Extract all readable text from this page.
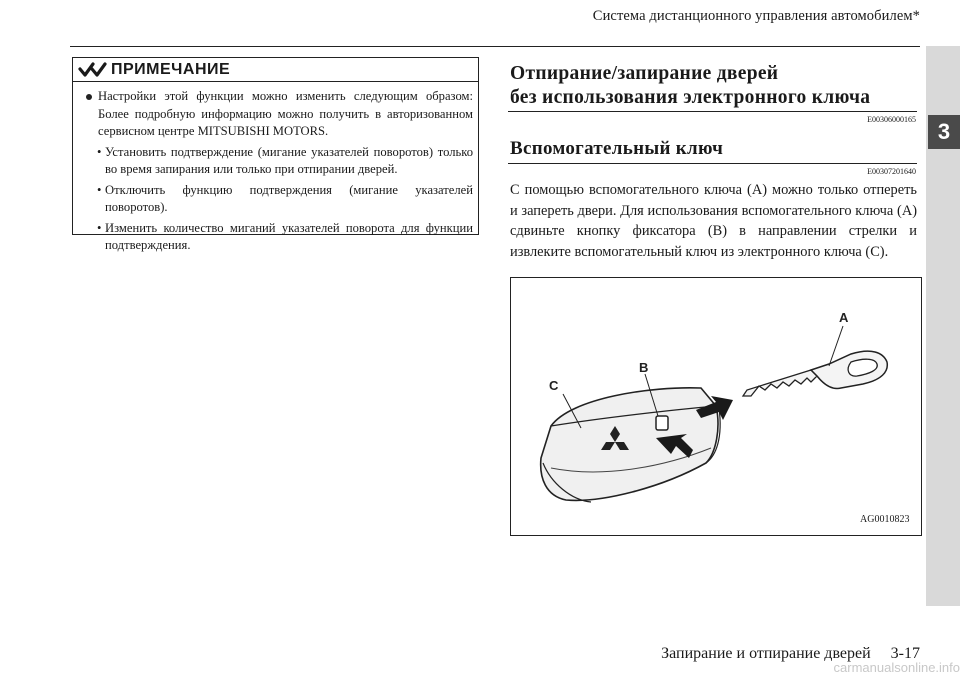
Система дистанционного управления автомобилем*
3
ПРИМЕЧАНИЕ
Настройки этой функции можно изменить следующим образом: Более подробную информацию можно получить в авторизованном сервисном центре MITSUBISHI MOTORS.
• Установить подтверждение (мигание указателей поворотов) только во время запирания или только при отпирании дверей.
• Отключить функцию подтверждения (мигание указателей поворотов).
• Изменить количество миганий указателей поворота для функции подтверждения.
Отпирание/запирание дверей
без использования электронного ключа
E00306000165
Вспомогательный ключ
E00307201640
С помощью вспомогательного ключа (A) можно только отпереть и запереть двери. Для использования вспомогательного ключа (A) сдвиньте кнопку фиксатора (B) в направлении стрелки и извлеките вспомогательный ключ из электронного ключа (C).
C
B
A
AG0010823
Запирание и отпирание дверей     3-17
carmanualsonline.info
